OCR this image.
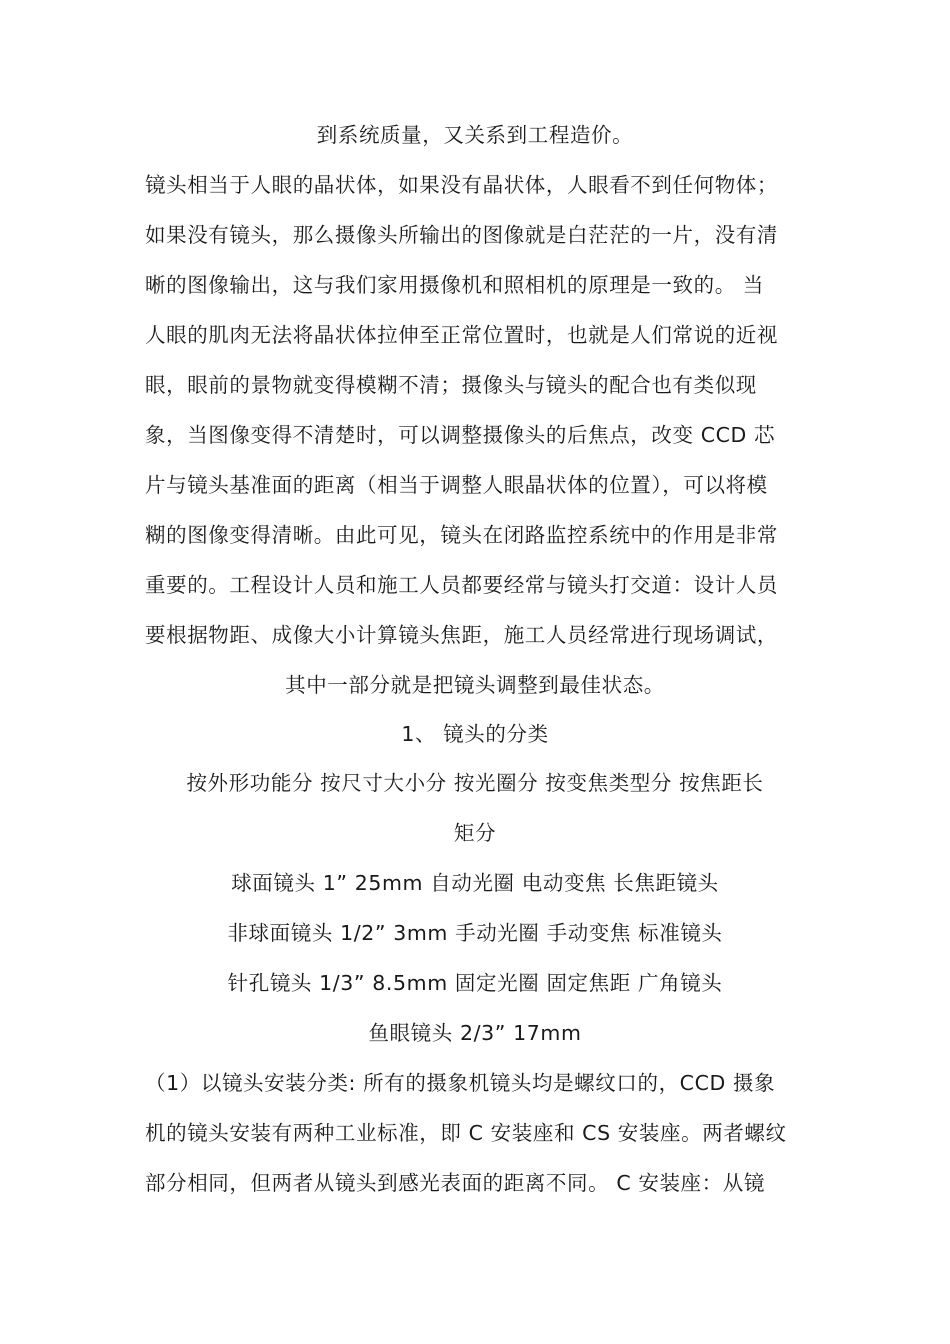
到系统质量，又关系到工程造价。
镜头相当于人眼的晶状体，如果没有晶状体，人眼看不到任何物体；
如果没有镜头，那么摄像头所输出的图像就是白茫茫的一片，没有清
晰的图像输出，这与我们家用摄像机和照相机的原理是一致的。 当
人眼的肌肉无法将晶状体拉伸至正常位置时，也就是人们常说的近视
眼，眼前的景物就变得模糊不清；摄像头与镜头的配合也有类似现
象，当图像变得不清楚时，可以调整摄像头的后焦点，改变 CCD 芯
片与镜头基准面的距离（相当于调整人眼晶状体的位置），可以将模
糊的图像变得清晰。由此可见，镜头在闭路监控系统中的作用是非常
重要的。工程设计人员和施工人员都要经常与镜头打交道：设计人员
要根据物距、成像大小计算镜头焦距，施工人员经常进行现场调试，
其中一部分就是把镜头调整到最佳状态。
1、 镜头的分类
按外形功能分 按尺寸大小分 按光圈分 按变焦类型分 按焦距长
矩分
球面镜头 1” 25mm 自动光圈 电动变焦 长焦距镜头
非球面镜头 1/2” 3mm 手动光圈 手动变焦 标准镜头
针孔镜头 1/3” 8.5mm 固定光圈 固定焦距 广角镜头
鱼眼镜头 2/3” 17mm
（1）以镜头安装分类: 所有的摄象机镜头均是螺纹口的，CCD 摄象
机的镜头安装有两种工业标准，即 C 安装座和 CS 安装座。两者螺纹
部分相同，但两者从镜头到感光表面的距离不同。 C 安装座：从镜
